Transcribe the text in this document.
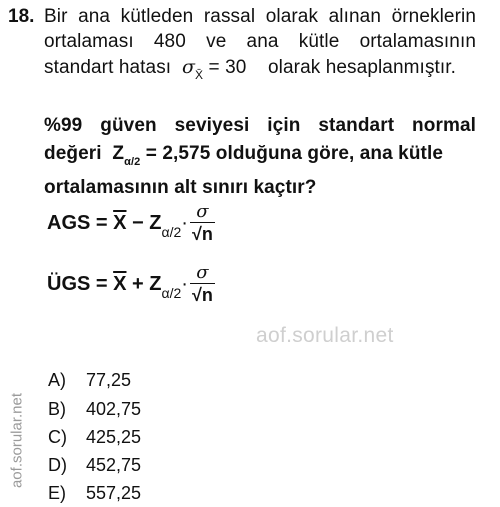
18. Bir ana kütleden rassal olarak alınan örneklerin
ortalaması 480 ve ana kütle ortalamasının
standart hatası $\sigma_{X̄} = 30$ olarak hesaplanmıştır.
%99 güven seviyesi için standart normal
değeri $Z_{\alpha/2} = 2,575$ olduğuna göre, ana kütle
ortalamasının alt sınırı kaçtır?
AGS = $\overline{X} - Z_{\alpha/2}\cdot \frac{\sigma}{√n}$
ÜGS = $\overline{X} + Z_{\alpha/2}\cdot \frac{\sigma}{√n}$
aof.sorular.net
A) 77,25
B) 402,75
C) 425,25
D) 452,75
E) 557,25
aof.sorular.net
